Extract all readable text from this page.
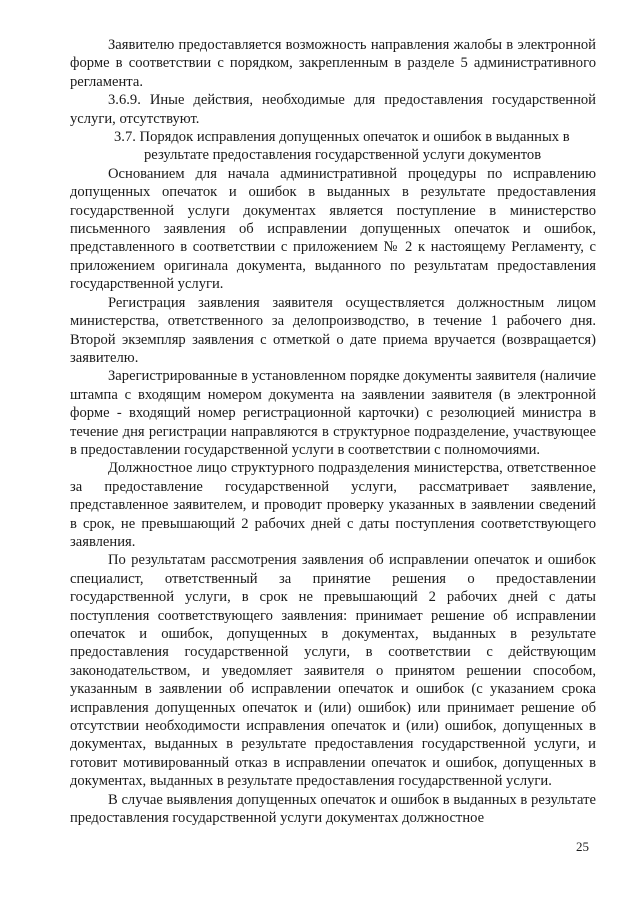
Заявителю предоставляется возможность направления жалобы в электронной форме в соответствии с порядком, закрепленным в разделе 5 административного регламента.

3.6.9. Иные действия, необходимые для предоставления государственной услуги, отсутствуют.

3.7. Порядок исправления допущенных опечаток и ошибок в выданных в
результате предоставления государственной услуги документов

Основанием для начала административной процедуры по исправлению допущенных опечаток и ошибок в выданных в результате предоставления государственной услуги документах является поступление в министерство письменного заявления об исправлении допущенных опечаток и ошибок, представленного в соответствии с приложением № 2 к настоящему Регламенту, с приложением оригинала документа, выданного по результатам предоставления государственной услуги.

Регистрация заявления заявителя осуществляется должностным лицом министерства, ответственного за делопроизводство, в течение 1 рабочего дня. Второй экземпляр заявления с отметкой о дате приема вручается (возвращается) заявителю.

Зарегистрированные в установленном порядке документы заявителя (наличие штампа с входящим номером документа на заявлении заявителя (в электронной форме - входящий номер регистрационной карточки) с резолюцией министра в течение дня регистрации направляются в структурное подразделение, участвующее в предоставлении государственной услуги в соответствии с полномочиями.

Должностное лицо структурного подразделения министерства, ответственное за предоставление государственной услуги, рассматривает заявление, представленное заявителем, и проводит проверку указанных в заявлении сведений в срок, не превышающий 2 рабочих дней с даты поступления соответствующего заявления.

По результатам рассмотрения заявления об исправлении опечаток и ошибок специалист, ответственный за принятие решения о предоставлении государственной услуги, в срок не превышающий 2 рабочих дней с даты поступления соответствующего заявления: принимает решение об исправлении опечаток и ошибок, допущенных в документах, выданных в результате предоставления государственной услуги, в соответствии с действующим законодательством, и уведомляет заявителя о принятом решении способом, указанным в заявлении об исправлении опечаток и ошибок (с указанием срока исправления допущенных опечаток и (или) ошибок) или принимает решение об отсутствии необходимости исправления опечаток и (или) ошибок, допущенных в документах, выданных в результате предоставления государственной услуги, и готовит мотивированный отказ в исправлении опечаток и ошибок, допущенных в документах, выданных в результате предоставления государственной услуги.

В случае выявления допущенных опечаток и ошибок в выданных в результате предоставления государственной услуги документах должностное

25
